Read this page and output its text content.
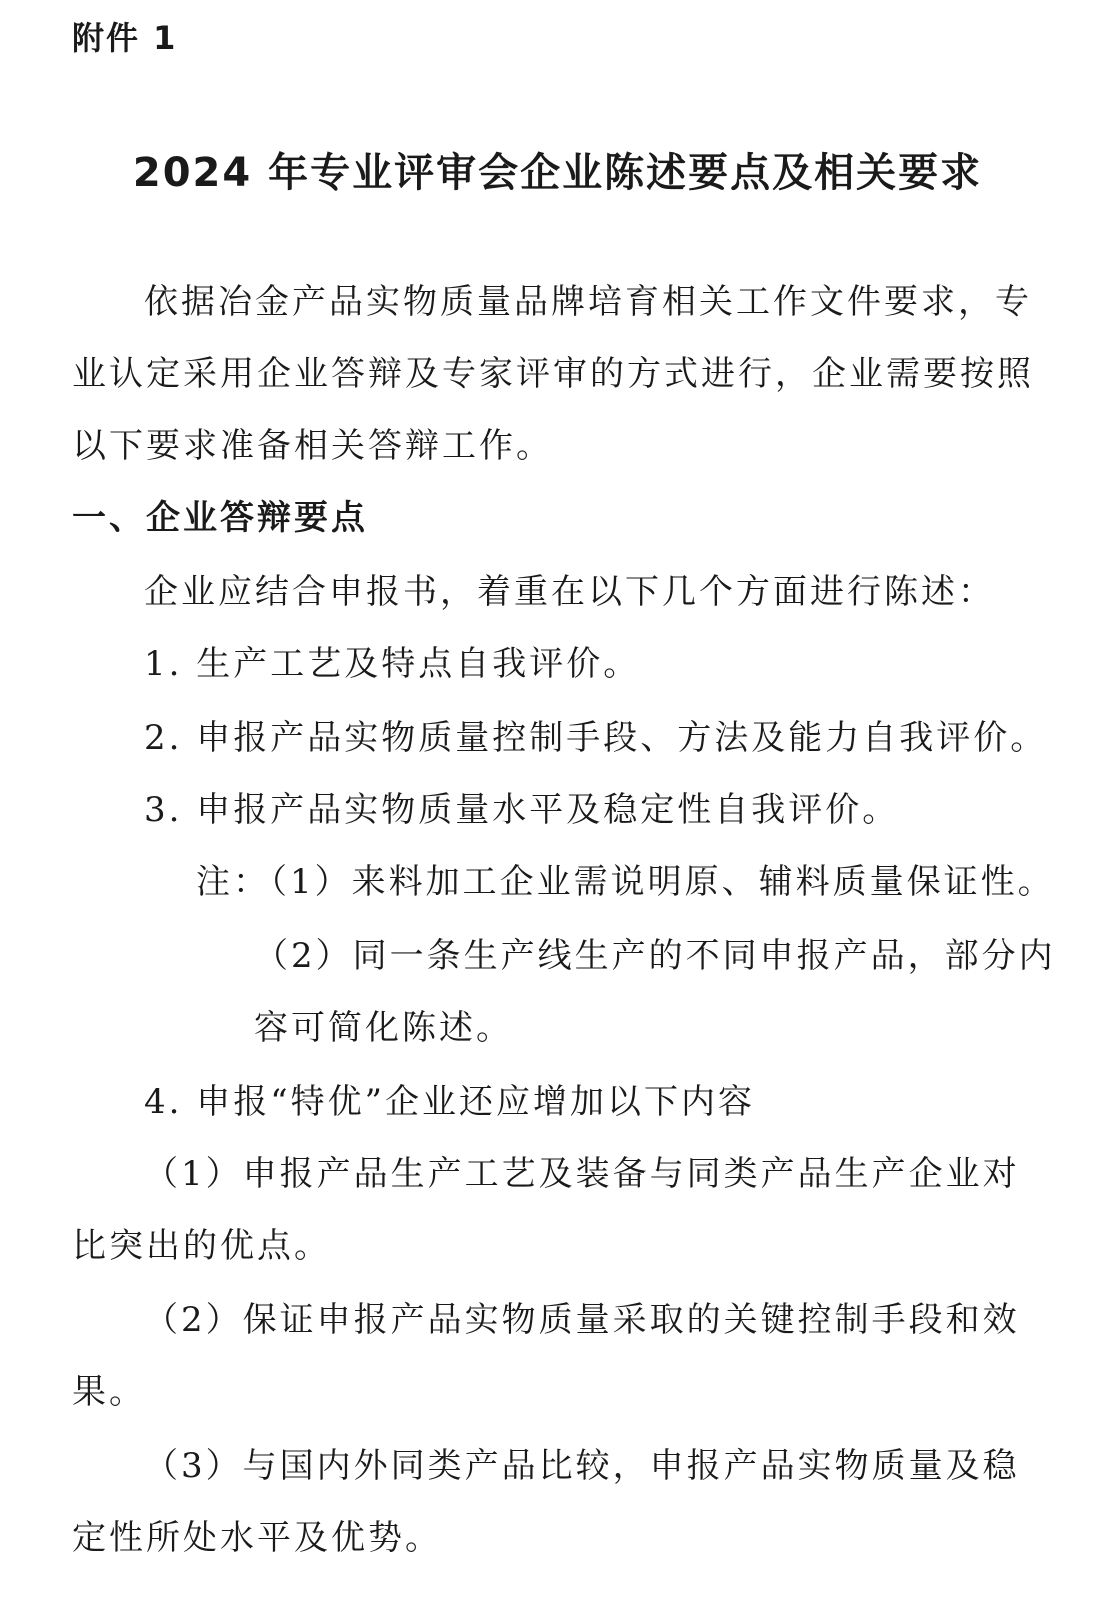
附件 1
2024 年专业评审会企业陈述要点及相关要求
依据冶金产品实物质量品牌培育相关工作文件要求，专
业认定采用企业答辩及专家评审的方式进行，企业需要按照
以下要求准备相关答辩工作。
一、企业答辩要点
企业应结合申报书，着重在以下几个方面进行陈述：
1. 生产工艺及特点自我评价。
2. 申报产品实物质量控制手段、方法及能力自我评价。
3. 申报产品实物质量水平及稳定性自我评价。
注：（1）来料加工企业需说明原、辅料质量保证性。
（2）同一条生产线生产的不同申报产品，部分内
容可简化陈述。
4. 申报“特优”企业还应增加以下内容
（1）申报产品生产工艺及装备与同类产品生产企业对
比突出的优点。
（2）保证申报产品实物质量采取的关键控制手段和效
果。
（3）与国内外同类产品比较，申报产品实物质量及稳
定性所处水平及优势。
